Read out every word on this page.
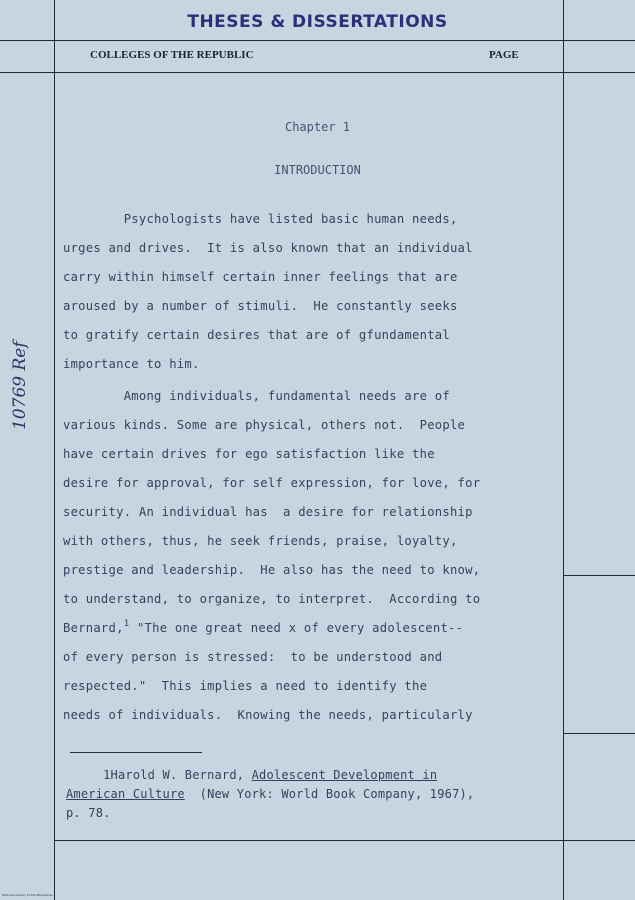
THESES & DISSERTATIONS
COLLEGES OF THE REPUBLIC	PAGE
Chapter 1
INTRODUCTION
Psychologists have listed basic human needs,
urges and drives.  It is also known that an individual
carry within himself certain inner feelings that are
aroused by a number of stimuli.  He constantly seeks
to gratify certain desires that are of gfundamental
importance to him.
Among individuals, fundamental needs are of
various kinds. Some are physical, others not.  People
have certain drives for ego satisfaction like the
desire for approval, for self expression, for love, for
security. An individual has  a desire for relationship
with others, thus, he seek friends, praise, loyalty,
prestige and leadership.  He also has the need to know,
to understand, to organize, to interpret.  According to
Bernard,$^1$ "The one great need x of every adolescent--
of every person is stressed:  to be understood and
respected."  This implies a need to identify the
needs of individuals.  Knowing the needs, particularly
1Harold W. Bernard, Adolescent Development in
American Culture  (New York: World Book Company, 1967),
p. 78.
10769 Ref
National Library of the Philippines
